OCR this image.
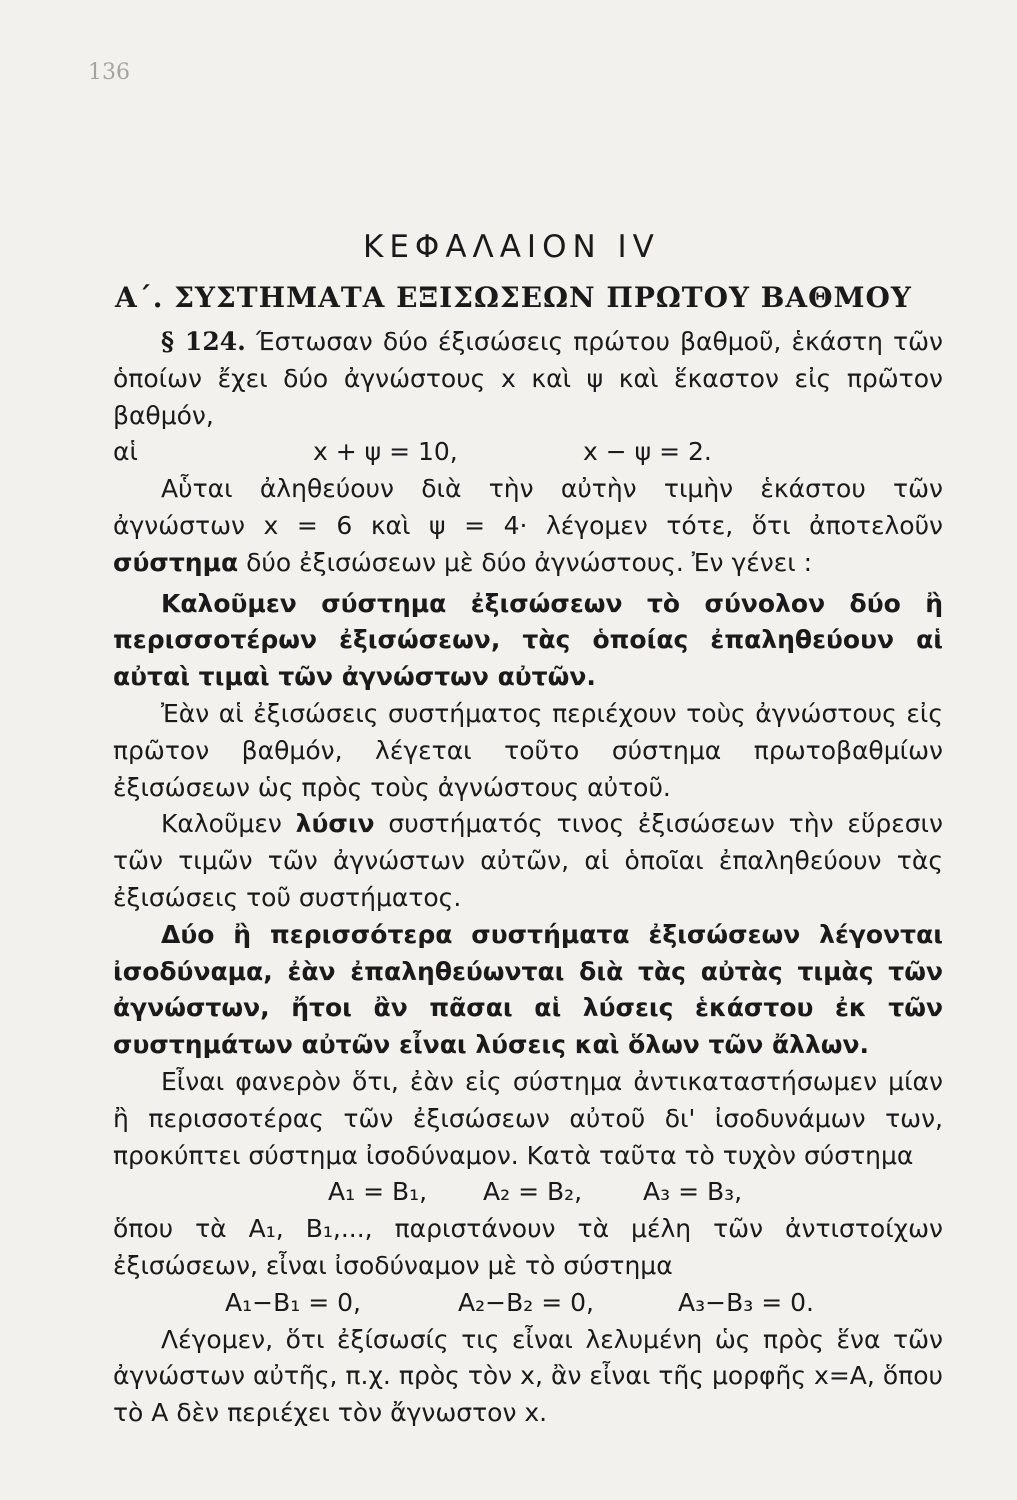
136
ΚΕΦΑΛΑΙΟΝ ΙV
Α΄. ΣΥΣΤΗΜΑΤΑ ΕΞΙΣΩΣΕΩΝ ΠΡΩΤΟΥ ΒΑΘΜΟΥ

§ 124. Έστωσαν δύο έξισώσεις πρώτου βαθμοῦ, ἑκάστη τῶν ὁποίων ἔχει δύο ἀγνώστους x καὶ ψ καὶ ἕκαστον εἰς πρῶτον βαθμόν,

αἱ	x + ψ = 10,	x − ψ = 2.

Αὗται ἀληθεύουν διὰ τὴν αὐτὴν τιμὴν ἑκάστου τῶν ἀγνώστων x = 6 καὶ ψ = 4· λέγομεν τότε, ὅτι ἀποτελοῦν σύστημα δύο ἐξισώσεων μὲ δύο ἀγνώστους. Ἐν γένει :

Καλοῦμεν σύστημα ἐξισώσεων τὸ σύνολον δύο ἢ περισσοτέρων ἐξισώσεων, τὰς ὁποίας ἐπαληθεύουν αἱ αὐταὶ τιμαὶ τῶν ἀγνώστων αὐτῶν.

Ἐὰν αἱ ἐξισώσεις συστήματος περιέχουν τοὺς ἀγνώστους εἰς πρῶτον βαθμόν, λέγεται τοῦτο σύστημα πρωτοβαθμίων ἐξισώσεων ὡς πρὸς τοὺς ἀγνώστους αὐτοῦ.

Καλοῦμεν λύσιν συστήματός τινος ἐξισώσεων τὴν εὕρεσιν τῶν τιμῶν τῶν ἀγνώστων αὐτῶν, αἱ ὁποῖαι ἐπαληθεύουν τὰς ἐξισώσεις τοῦ συστήματος.

Δύο ἢ περισσότερα συστήματα ἐξισώσεων λέγονται ἰσοδύναμα, ἐὰν ἐπαληθεύωνται διὰ τὰς αὐτὰς τιμὰς τῶν ἀγνώστων, ἤτοι ἂν πᾶσαι αἱ λύσεις ἑκάστου ἐκ τῶν συστημάτων αὐτῶν εἶναι λύσεις καὶ ὅλων τῶν ἄλλων.

Εἶναι φανερὸν ὅτι, ἐὰν εἰς σύστημα ἀντικαταστήσωμεν μίαν ἢ περισσοτέρας τῶν ἐξισώσεων αὐτοῦ δι' ἰσοδυνάμων των, προκύπτει σύστημα ἰσοδύναμον. Κατὰ ταῦτα τὸ τυχὸν σύστημα

A₁ = B₁, A₂ = B₂, A₃ = B₃,

ὅπου τὰ A₁, B₁,..., παριστάνουν τὰ μέλη τῶν ἀντιστοίχων ἐξισώσεων, εἶναι ἰσοδύναμον μὲ τὸ σύστημα

A₁−B₁ = 0,	A₂−B₂ = 0,	A₃−B₃ = 0.

Λέγομεν, ὅτι ἐξίσωσίς τις εἶναι λελυμένη ὡς πρὸς ἕνα τῶν ἀγνώστων αὐτῆς, π.χ. πρὸς τὸν x, ἂν εἶναι τῆς μορφῆς x=A, ὅπου τὸ A δὲν περιέχει τὸν ἄγνωστον x.
